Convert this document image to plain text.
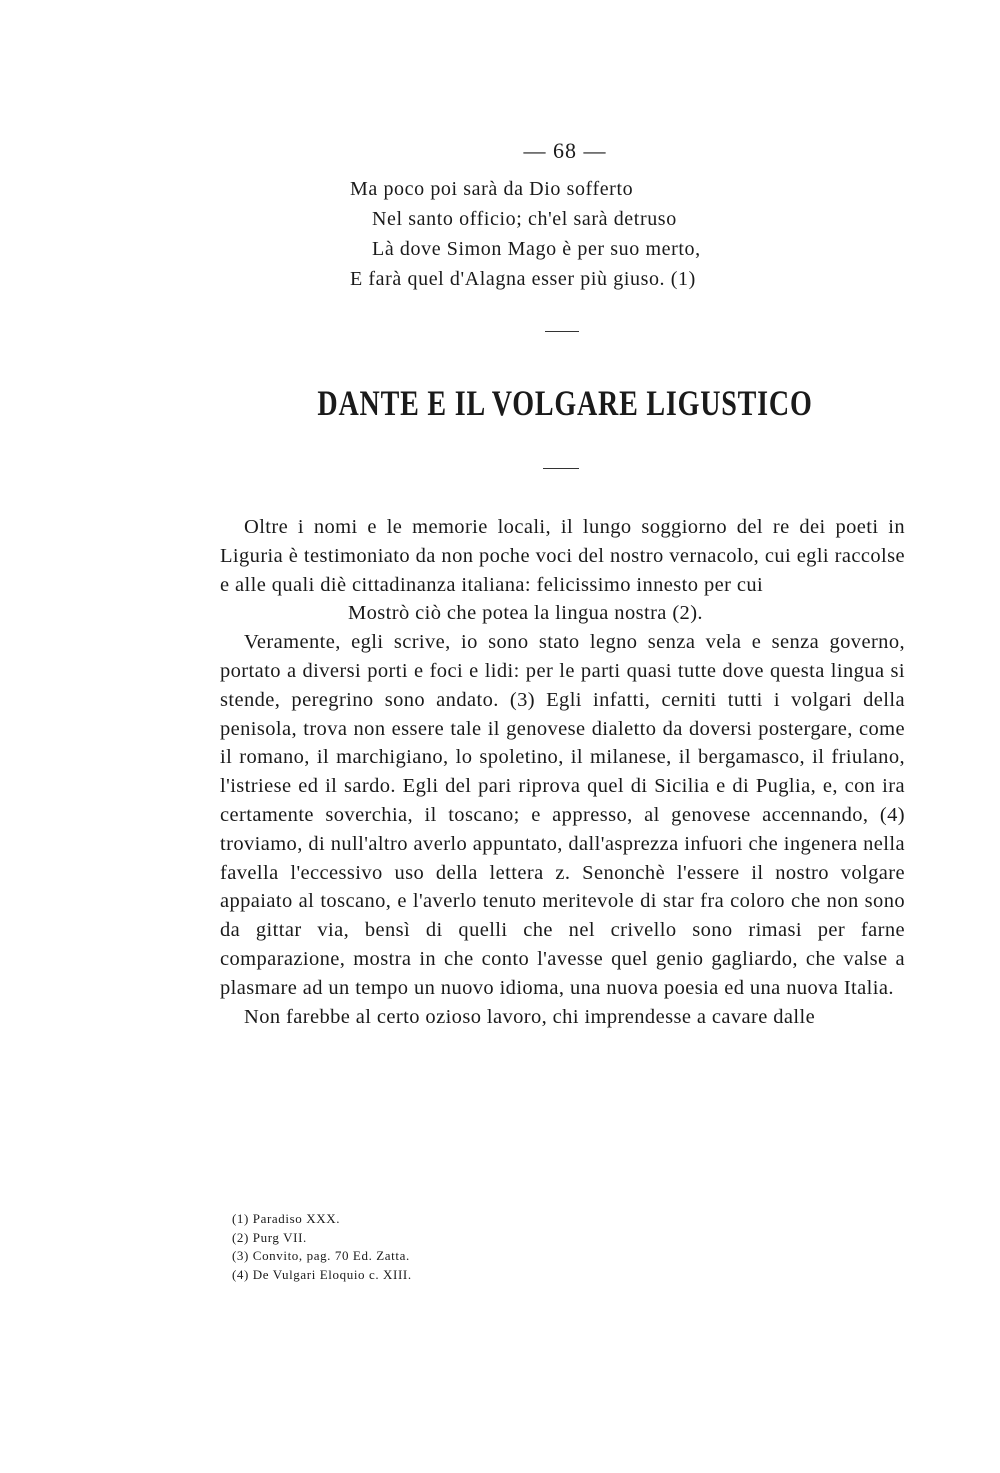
— 68 —
Ma poco poi sarà da Dio sofferto
Nel santo officio; ch'el sarà detruso
Là dove Simon Mago è per suo merto,
E farà quel d'Alagna esser più giuso. (1)
DANTE E IL VOLGARE LIGUSTICO

Oltre i nomi e le memorie locali, il lungo soggiorno del re dei poeti in Liguria è testimoniato da non poche voci del nostro vernacolo, cui egli raccolse e alle quali diè cittadinanza italiana: felicissimo innesto per cui

Mostrò ciò che potea la lingua nostra (2).

Veramente, egli scrive, io sono stato legno senza vela e senza governo, portato a diversi porti e foci e lidi: per le parti quasi tutte dove questa lingua si stende, peregrino sono andato. (3) Egli infatti, cerniti tutti i volgari della penisola, trova non essere tale il genovese dialetto da doversi postergare, come il romano, il marchigiano, lo spoletino, il milanese, il bergamasco, il friulano, l'istriese ed il sardo. Egli del pari riprova quel di Sicilia e di Puglia, e, con ira certamente soverchia, il toscano; e appresso, al genovese accennando, (4) troviamo, di null'altro averlo appuntato, dall'asprezza infuori che ingenera nella favella l'eccessivo uso della lettera z. Senonchè l'essere il nostro volgare appaiato al toscano, e l'averlo tenuto meritevole di star fra coloro che non sono da gittar via, bensì di quelli che nel crivello sono rimasi per farne comparazione, mostra in che conto l'avesse quel genio gagliardo, che valse a plasmare ad un tempo un nuovo idioma, una nuova poesia ed una nuova Italia.

Non farebbe al certo ozioso lavoro, chi imprendesse a cavare dalle

(1) Paradiso XXX.
(2) Purg VII.
(3) Convito, pag. 70 Ed. Zatta.
(4) De Vulgari Eloquio c. XIII.
